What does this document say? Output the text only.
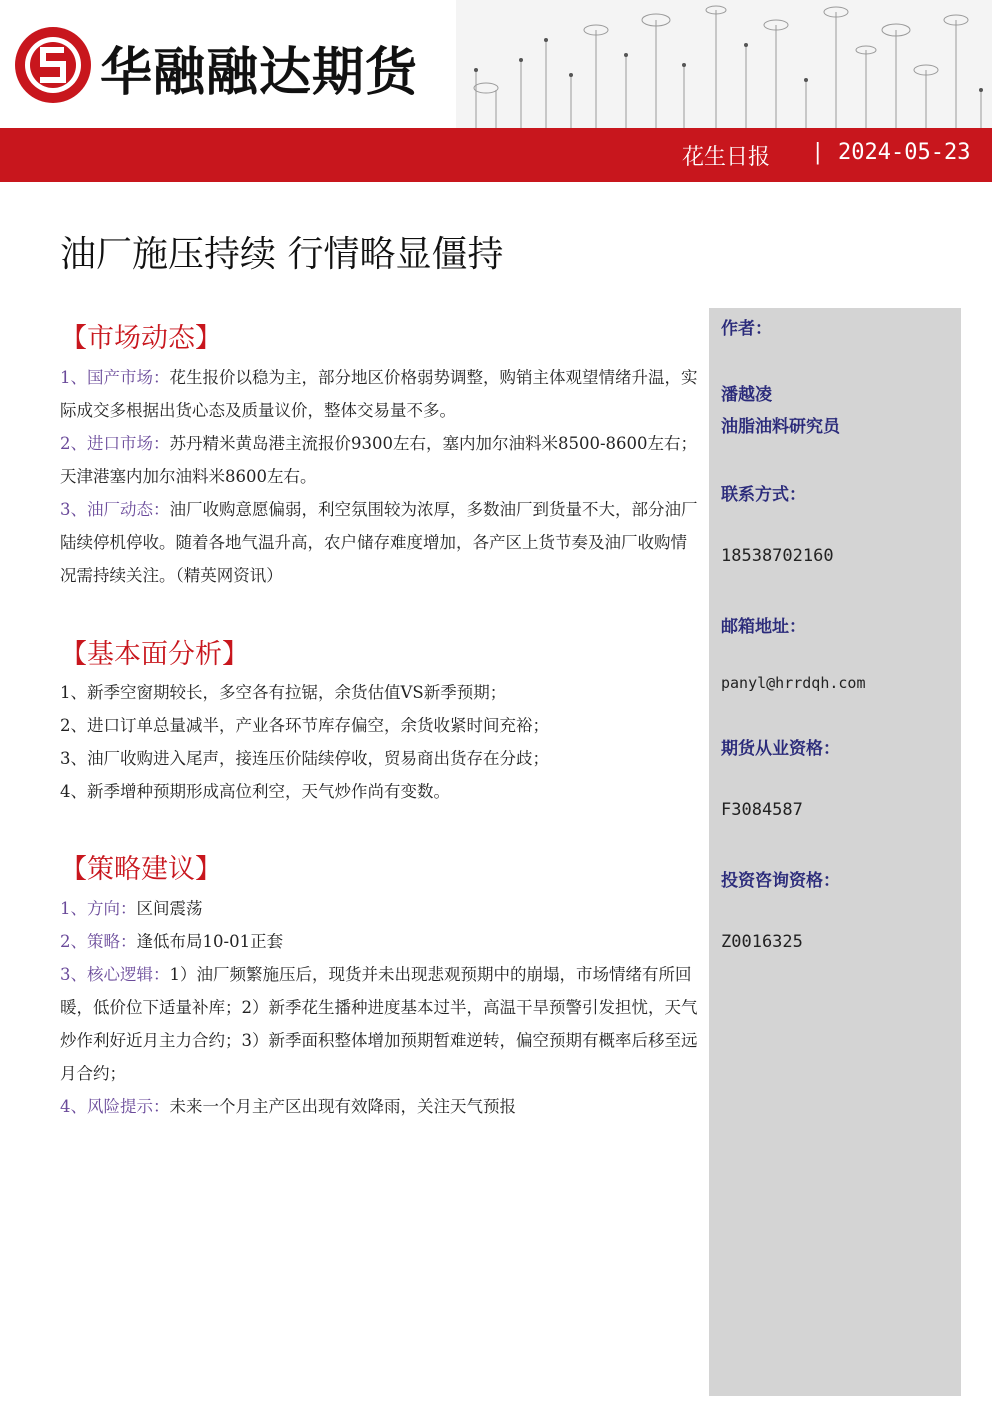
华融融达期货
花生日报 | 2024-05-23
油厂施压持续 行情略显僵持
作者：
潘越凌
油脂油料研究员
联系方式：
18538702160
邮箱地址：
panyl@hrrdqh.com
期货从业资格：
F3084587
投资咨询资格：
Z0016325
【市场动态】
1、国产市场：花生报价以稳为主，部分地区价格弱势调整，购销主体观望情绪升温，实际成交多根据出货心态及质量议价，整体交易量不多。
2、进口市场：苏丹精米黄岛港主流报价9300左右，塞内加尔油料米8500-8600左右；天津港塞内加尔油料米8600左右。
3、油厂动态：油厂收购意愿偏弱，利空氛围较为浓厚，多数油厂到货量不大，部分油厂陆续停机停收。随着各地气温升高，农户储存难度增加，各产区上货节奏及油厂收购情况需持续关注。（精英网资讯）
【基本面分析】
1、新季空窗期较长，多空各有拉锯，余货估值VS新季预期；
2、进口订单总量减半，产业各环节库存偏空，余货收紧时间充裕；
3、油厂收购进入尾声，接连压价陆续停收，贸易商出货存在分歧；
4、新季增种预期形成高位利空，天气炒作尚有变数。
【策略建议】
1、方向：区间震荡
2、策略：逢低布局10-01正套
3、核心逻辑：1）油厂频繁施压后，现货并未出现悲观预期中的崩塌，市场情绪有所回暖，低价位下适量补库；2）新季花生播种进度基本过半，高温干旱预警引发担忧，天气炒作利好近月主力合约；3）新季面积整体增加预期暂难逆转，偏空预期有概率后移至远月合约；
4、风险提示：未来一个月主产区出现有效降雨，关注天气预报
